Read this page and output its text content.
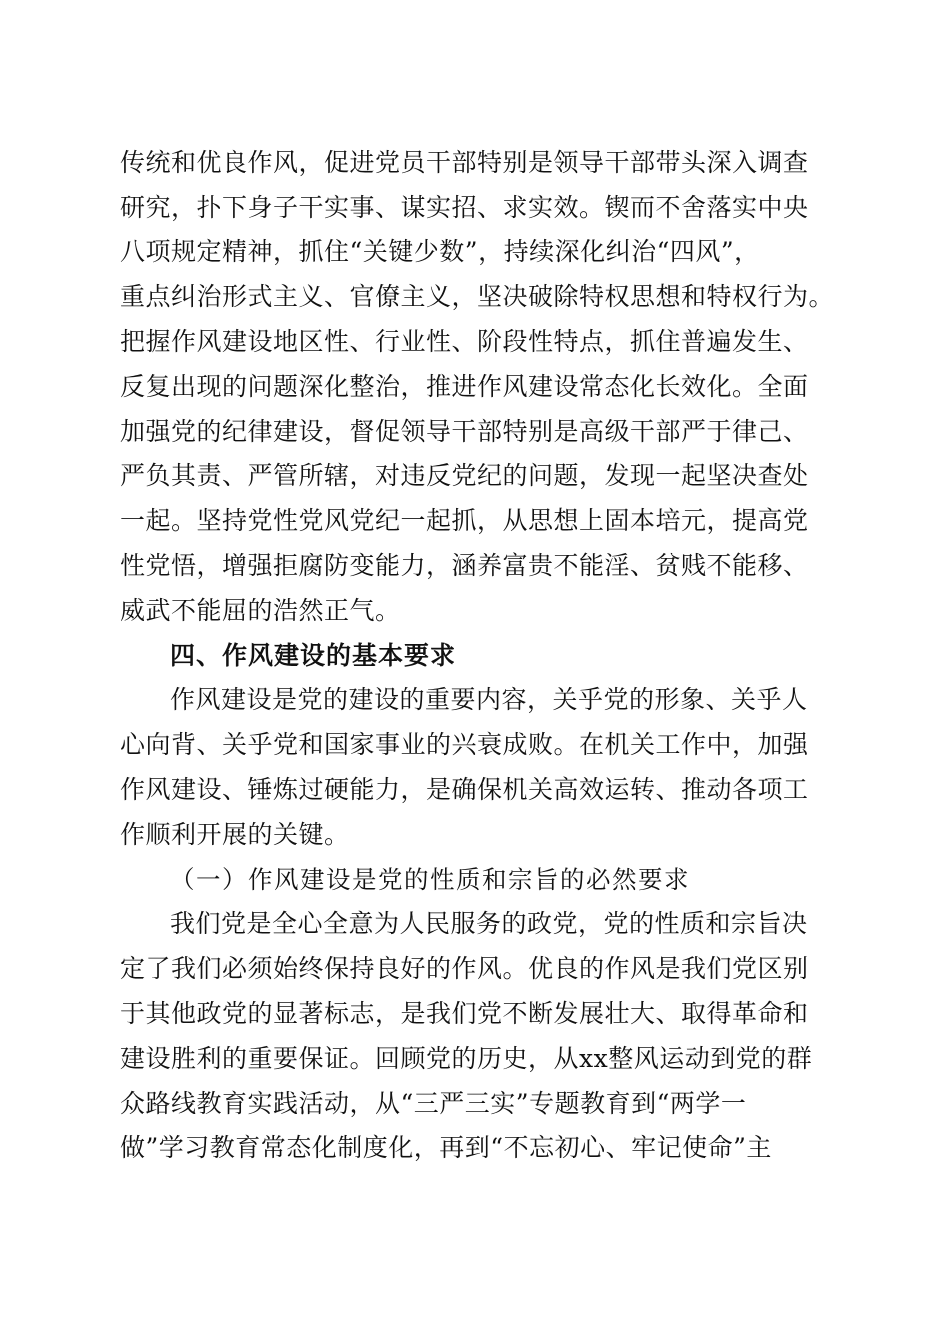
传统和优良作风，促进党员干部特别是领导干部带头深入调查
研究，扑下身子干实事、谋实招、求实效。锲而不舍落实中央
八项规定精神，抓住“关键少数”，持续深化纠治“四风”，
重点纠治形式主义、官僚主义，坚决破除特权思想和特权行为。
把握作风建设地区性、行业性、阶段性特点，抓住普遍发生、
反复出现的问题深化整治，推进作风建设常态化长效化。全面
加强党的纪律建设，督促领导干部特别是高级干部严于律己、
严负其责、严管所辖，对违反党纪的问题，发现一起坚决查处
一起。坚持党性党风党纪一起抓，从思想上固本培元，提高党
性党悟，增强拒腐防变能力，涵养富贵不能淫、贫贱不能移、
威武不能屈的浩然正气。
四、作风建设的基本要求
作风建设是党的建设的重要内容，关乎党的形象、关乎人
心向背、关乎党和国家事业的兴衰成败。在机关工作中，加强
作风建设、锤炼过硬能力，是确保机关高效运转、推动各项工
作顺利开展的关键。
（一）作风建设是党的性质和宗旨的必然要求
我们党是全心全意为人民服务的政党，党的性质和宗旨决
定了我们必须始终保持良好的作风。优良的作风是我们党区别
于其他政党的显著标志，是我们党不断发展壮大、取得革命和
建设胜利的重要保证。回顾党的历史，从xx整风运动到党的群
众路线教育实践活动，从“三严三实”专题教育到“两学一
做”学习教育常态化制度化，再到“不忘初心、牢记使命”主
